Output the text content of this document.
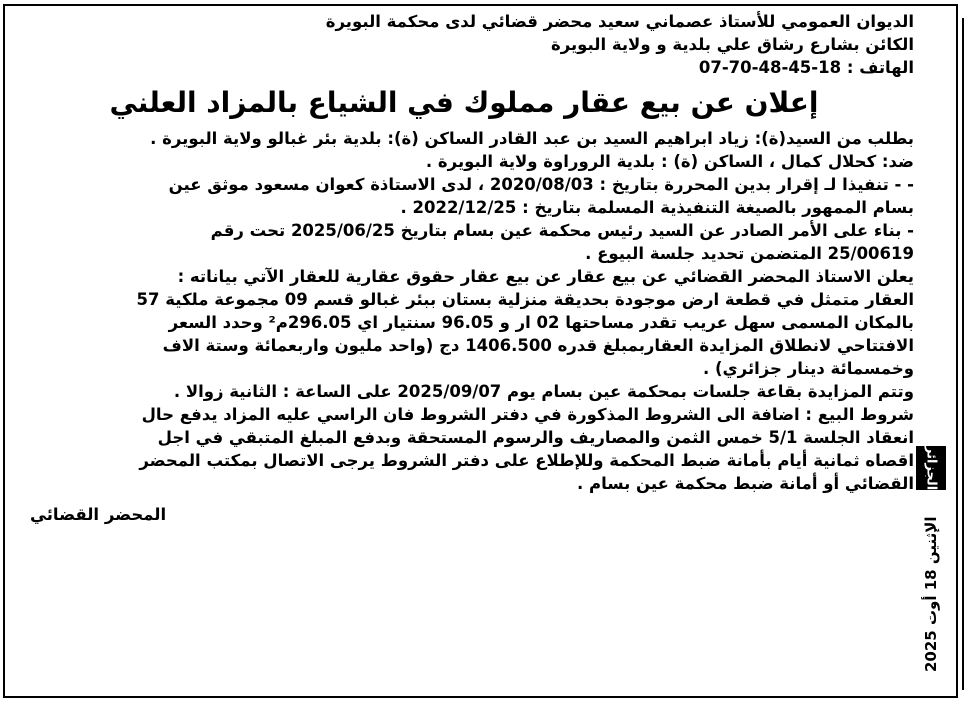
الديوان العمومي للأستاذ عصماني سعيد محضر قضائي لدى محكمة البويرة
الكائن بشارع رشاق علي بلدية و ولاية البويرة
الهاتف : 18-45-48-70-07
إعلان عن بيع عقار مملوك في الشياع بالمزاد العلني
بطلب من السيد(ة): زياد ابراهيم السيد بن عبد القادر الساكن (ة): بلدية بئر غبالو ولاية البويرة .
ضد: كحلال كمال ، الساكن (ة) : بلدية الروراوة ولاية البويرة .
- - تنفيذا لـ إقرار بدين المحررة بتاريخ : 2020/08/03 ، لدى الاستاذة كعوان مسعود موثق عين
بسام الممهور بالصيغة التنفيذية المسلمة بتاريخ : 2022/12/25 .
- بناء على الأمر الصادر عن السيد رئيس محكمة عين بسام بتاريخ 2025/06/25 تحت رقم
25/00619 المتضمن تحديد جلسة البيوع .
يعلن الاستاذ المحضر القضائي عن بيع عقار عن بيع عقار حقوق عقارية للعقار الآتي بياناته :
العقار متمثل في قطعة ارض موجودة بحديقة منزلية بستان ببئر غبالو قسم 09 مجموعة ملكية 57
بالمكان المسمى سهل عريب تقدر مساحتها 02 ار و 96.05 سنتيار اي 296.05م² وحدد السعر
الافتتاحي لانطلاق المزايدة العقاربمبلغ قدره 1406.500 دج (واحد مليون واربعمائة وستة الاف
وخمسمائة دينار جزائري) .
وتتم المزايدة بقاعة جلسات بمحكمة عين بسام يوم 2025/09/07 على الساعة : الثانية زوالا .
شروط البيع : اضافة الى الشروط المذكورة في دفتر الشروط فان الراسي عليه المزاد يدفع حال
انعقاد الجلسة 5/1 خمس الثمن والمصاريف والرسوم المستحقة وبدفع المبلغ المتبقي في اجل
اقصاه ثمانية أيام بأمانة ضبط المحكمة وللإطلاع على دفتر الشروط يرجى الاتصال بمكتب المحضر
القضائي أو أمانة ضبط محكمة عين بسام .
المحضر القضائي
الجزائر
الإثنين 18 أوت 2025
